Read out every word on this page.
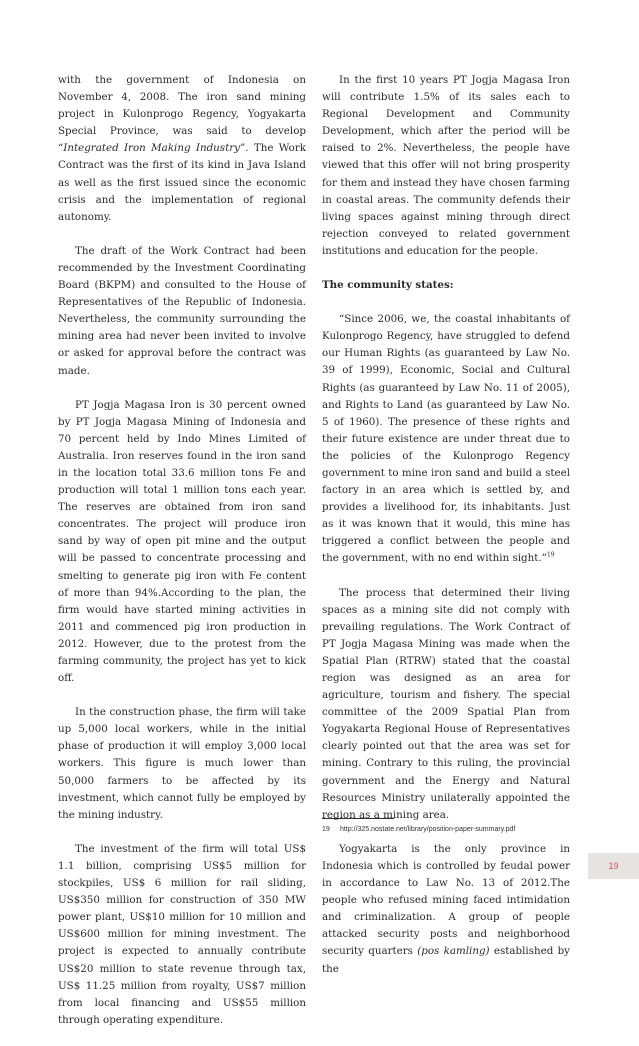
with the government of Indonesia on November 4, 2008. The iron sand mining project in Kulonprogo Regency, Yogyakarta Special Province, was said to develop “Integrated Iron Making Industry”. The Work Contract was the first of its kind in Java Island as well as the first issued since the economic crisis and the implementation of regional autonomy.

The draft of the Work Contract had been recommended by the Investment Coordinating Board (BKPM) and consulted to the House of Representatives of the Republic of Indonesia. Nevertheless, the community surrounding the mining area had never been invited to involve or asked for approval before the contract was made.

PT Jogja Magasa Iron is 30 percent owned by PT Jogja Magasa Mining of Indonesia and 70 percent held by Indo Mines Limited of Australia. Iron reserves found in the iron sand in the location total 33.6 million tons Fe and production will total 1 million tons each year. The reserves are obtained from iron sand concentrates. The project will produce iron sand by way of open pit mine and the output will be passed to concentrate processing and smelting to generate pig iron with Fe content of more than 94%.According to the plan, the firm would have started mining activities in 2011 and commenced pig iron production in 2012. However, due to the protest from the farming community, the project has yet to kick off.

In the construction phase, the firm will take up 5,000 local workers, while in the initial phase of production it will employ 3,000 local workers. This figure is much lower than 50,000 farmers to be affected by its investment, which cannot fully be employed by the mining industry.

The investment of the firm will total US$ 1.1 billion, comprising US$5 million for stockpiles, US$ 6 million for rail sliding, US$350 million for construction of 350 MW power plant, US$10 million for 10 million and US$600 million for mining investment. The project is expected to annually contribute US$20 million to state revenue through tax, US$ 11.25 million from royalty, US$7 million from local financing and US$55 million through operating expenditure.

In the first 10 years PT Jogja Magasa Iron will contribute 1.5% of its sales each to Regional Development and Community Development, which after the period will be raised to 2%. Nevertheless, the people have viewed that this offer will not bring prosperity for them and instead they have chosen farming in coastal areas. The community defends their living spaces against mining through direct rejection conveyed to related government institutions and education for the people.

The community states:

“Since 2006, we, the coastal inhabitants of Kulonprogo Regency, have struggled to defend our Human Rights (as guaranteed by Law No. 39 of 1999), Economic, Social and Cultural Rights (as guaranteed by Law No. 11 of 2005), and Rights to Land (as guaranteed by Law No. 5 of 1960). The presence of these rights and their future existence are under threat due to the policies of the Kulonprogo Regency government to mine iron sand and build a steel factory in an area which is settled by, and provides a livelihood for, its inhabitants. Just as it was known that it would, this mine has triggered a conflict between the people and the government, with no end within sight.”$^{19}$

The process that determined their living spaces as a mining site did not comply with prevailing regulations. The Work Contract of PT Jogja Magasa Mining was made when the Spatial Plan (RTRW) stated that the coastal region was designed as an area for agriculture, tourism and fishery. The special committee of the 2009 Spatial Plan from Yogyakarta Regional House of Representatives clearly pointed out that the area was set for mining. Contrary to this ruling, the provincial government and the Energy and Natural Resources Ministry unilaterally appointed the region as a mining area.

Yogyakarta is the only province in Indonesia which is controlled by feudal power in accordance to Law No. 13 of 2012.The people who refused mining faced intimidation and criminalization. A group of people attacked security posts and neighborhood security quarters (pos kamling) established by the

19 http://325.nostate.net/library/position-paper-summary.pdf
19
